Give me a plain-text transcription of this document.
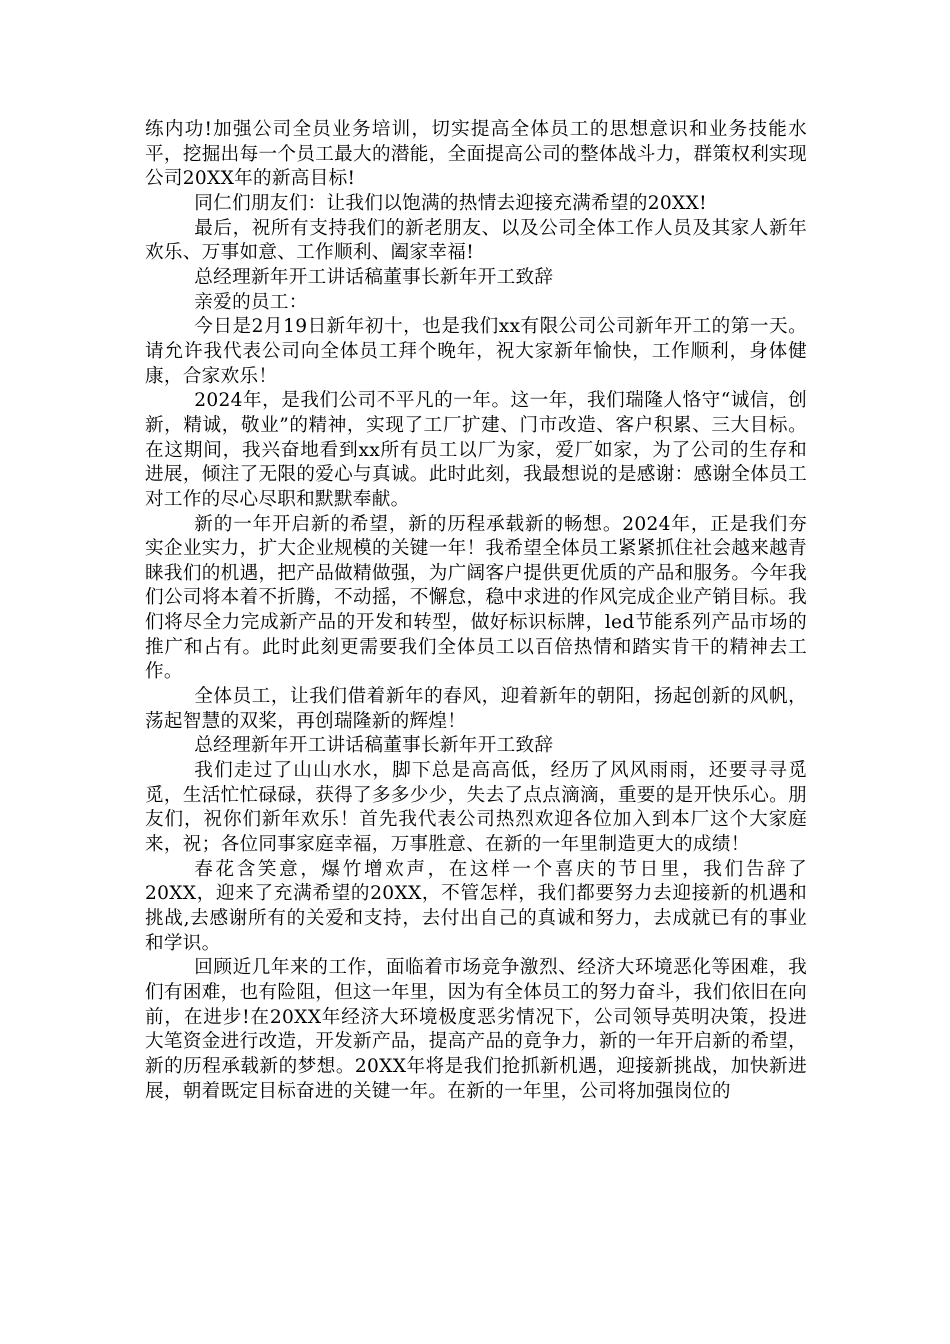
练内功!加强公司全员业务培训，切实提高全体员工的思想意识和业务技能水平，挖掘出每一个员工最大的潜能，全面提高公司的整体战斗力，群策权利实现公司20XX年的新高目标!

同仁们朋友们：让我们以饱满的热情去迎接充满希望的20XX!

最后，祝所有支持我们的新老朋友、以及公司全体工作人员及其家人新年欢乐、万事如意、工作顺利、阖家幸福!

总经理新年开工讲话稿董事长新年开工致辞

亲爱的员工：

今日是2月19日新年初十，也是我们xx有限公司公司新年开工的第一天。请允许我代表公司向全体员工拜个晚年，祝大家新年愉快，工作顺利，身体健康，合家欢乐！

2024年，是我们公司不平凡的一年。这一年，我们瑞隆人恪守“诚信，创新，精诚，敬业”的精神，实现了工厂扩建、门市改造、客户积累、三大目标。在这期间，我兴奋地看到xx所有员工以厂为家，爱厂如家，为了公司的生存和进展，倾注了无限的爱心与真诚。此时此刻，我最想说的是感谢：感谢全体员工对工作的尽心尽职和默默奉献。

新的一年开启新的希望，新的历程承载新的畅想。2024年，正是我们夯实企业实力，扩大企业规模的关键一年！我希望全体员工紧紧抓住社会越来越青睐我们的机遇，把产品做精做强，为广阔客户提供更优质的产品和服务。今年我们公司将本着不折腾，不动摇，不懈怠，稳中求进的作风完成企业产销目标。我们将尽全力完成新产品的开发和转型，做好标识标牌，led节能系列产品市场的推广和占有。此时此刻更需要我们全体员工以百倍热情和踏实肯干的精神去工作。

全体员工，让我们借着新年的春风，迎着新年的朝阳，扬起创新的风帆，荡起智慧的双桨，再创瑞隆新的辉煌！

总经理新年开工讲话稿董事长新年开工致辞

我们走过了山山水水，脚下总是高高低，经历了风风雨雨，还要寻寻觅觅，生活忙忙碌碌，获得了多多少少，失去了点点滴滴，重要的是开快乐心。朋友们，祝你们新年欢乐！首先我代表公司热烈欢迎各位加入到本厂这个大家庭来，祝；各位同事家庭幸福，万事胜意、在新的一年里制造更大的成绩！

春花含笑意，爆竹增欢声，在这样一个喜庆的节日里，我们告辞了20XX，迎来了充满希望的20XX，不管怎样，我们都要努力去迎接新的机遇和挑战,去感谢所有的关爱和支持，去付出自己的真诚和努力，去成就已有的事业和学识。

回顾近几年来的工作，面临着市场竞争激烈、经济大环境恶化等困难，我们有困难，也有险阻，但这一年里，因为有全体员工的努力奋斗，我们依旧在向前，在进步!在20XX年经济大环境极度恶劣情况下，公司领导英明决策，投进大笔资金进行改造，开发新产品，提高产品的竟争力，新的一年开启新的希望，新的历程承载新的梦想。20XX年将是我们抢抓新机遇，迎接新挑战，加快新进展，朝着既定目标奋进的关键一年。在新的一年里，公司将加强岗位的
